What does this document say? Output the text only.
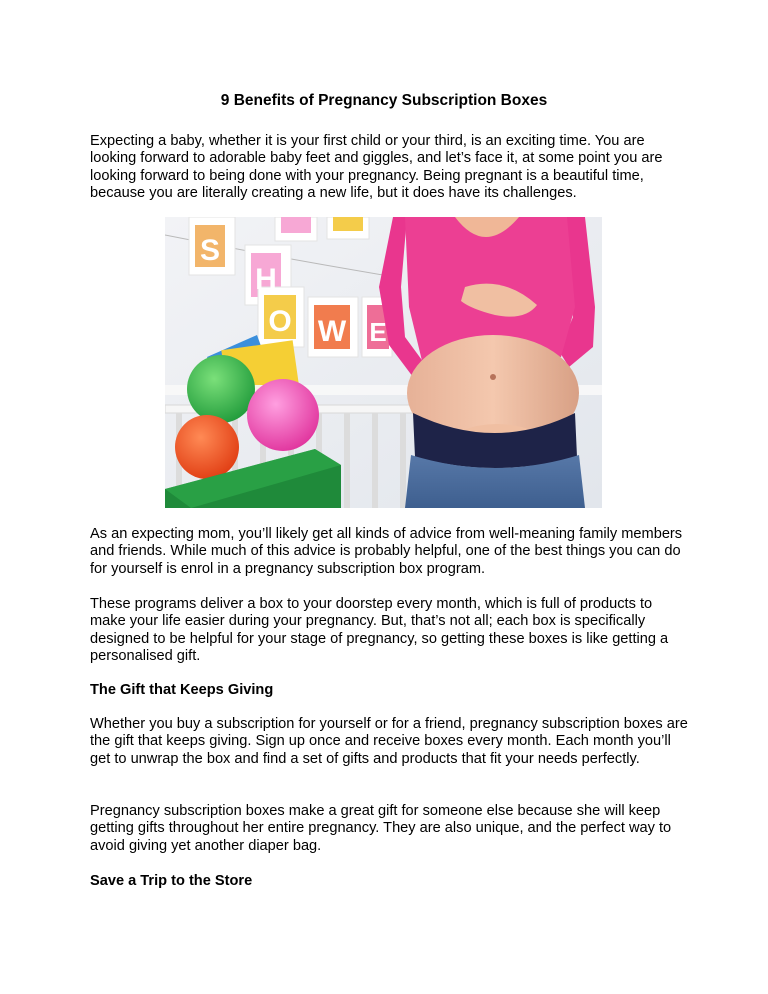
9 Benefits of Pregnancy Subscription Boxes

Expecting a baby, whether it is your first child or your third, is an exciting time. You are looking forward to adorable baby feet and giggles, and let’s face it, at some point you are looking forward to being done with your pregnancy. Being pregnant is a beautiful time, because you are literally creating a new life, but it does have its challenges.

S
H
O W E

As an expecting mom, you’ll likely get all kinds of advice from well-meaning family members and friends. While much of this advice is probably helpful, one of the best things you can do for yourself is enrol in a pregnancy subscription box program.

These programs deliver a box to your doorstep every month, which is full of products to make your life easier during your pregnancy. But, that’s not all; each box is specifically designed to be helpful for your stage of pregnancy, so getting these boxes is like getting a personalised gift.

The Gift that Keeps Giving

Whether you buy a subscription for yourself or for a friend, pregnancy subscription boxes are the gift that keeps giving. Sign up once and receive boxes every month. Each month you’ll get to unwrap the box and find a set of gifts and products that fit your needs perfectly.

Pregnancy subscription boxes make a great gift for someone else because she will keep getting gifts throughout her entire pregnancy. They are also unique, and the perfect way to avoid giving yet another diaper bag.

Save a Trip to the Store
